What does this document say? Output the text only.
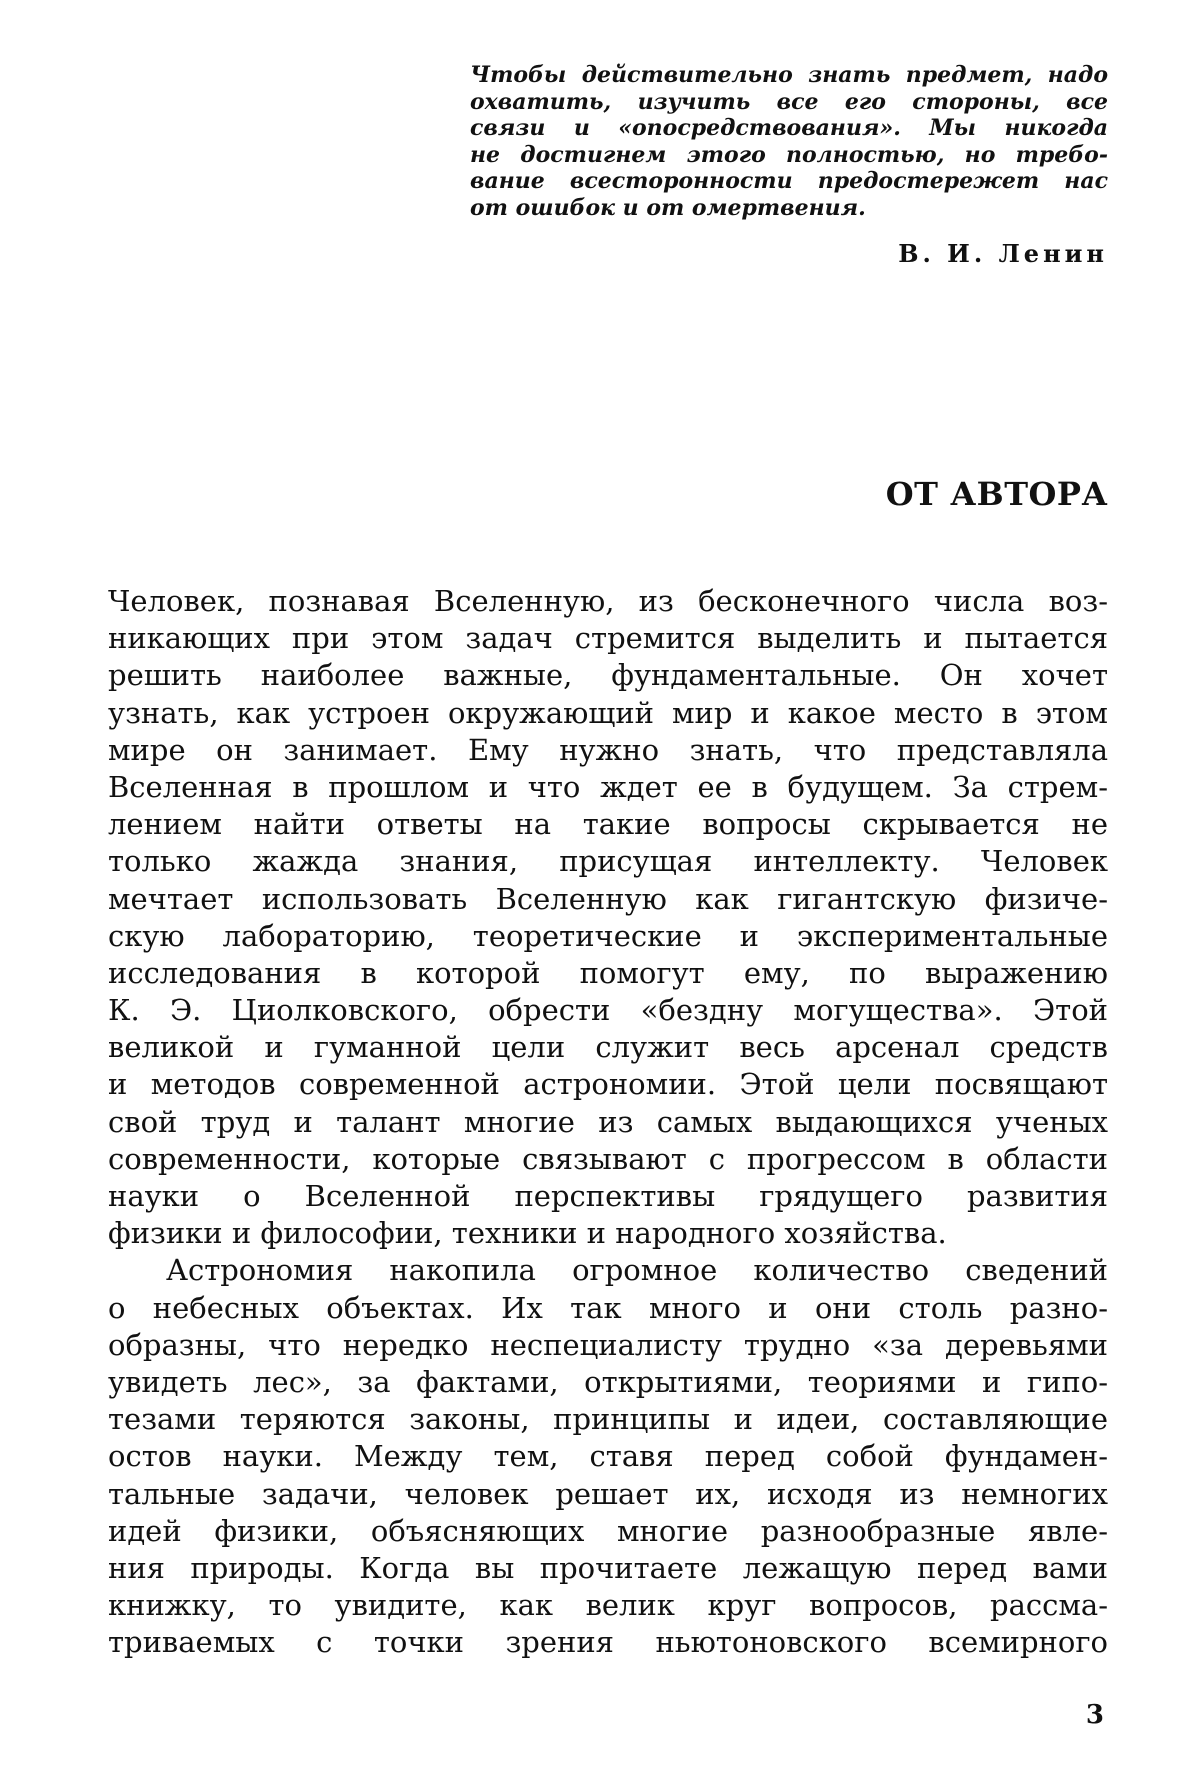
Чтобы действительно знать предмет, надо
охватить, изучить все его стороны, все
связи и «опосредствования». Мы никогда
не достигнем этого полностью, но требо-
вание всесторонности предостережет нас
от ошибок и от омертвения.
В. И. Ленин
ОТ АВТОРА
Человек, познавая Вселенную, из бесконечного числа воз-
никающих при этом задач стремится выделить и пытается
решить наиболее важные, фундаментальные. Он хочет
узнать, как устроен окружающий мир и какое место в этом
мире он занимает. Ему нужно знать, что представляла
Вселенная в прошлом и что ждет ее в будущем. За стрем-
лением найти ответы на такие вопросы скрывается не
только жажда знания, присущая интеллекту. Человек
мечтает использовать Вселенную как гигантскую физиче-
скую лабораторию, теоретические и экспериментальные
исследования в которой помогут ему, по выражению
К. Э. Циолковского, обрести «бездну могущества». Этой
великой и гуманной цели служит весь арсенал средств
и методов современной астрономии. Этой цели посвящают
свой труд и талант многие из самых выдающихся ученых
современности, которые связывают с прогрессом в области
науки о Вселенной перспективы грядущего развития
физики и философии, техники и народного хозяйства.
Астрономия накопила огромное количество сведений
о небесных объектах. Их так много и они столь разно-
образны, что нередко неспециалисту трудно «за деревьями
увидеть лес», за фактами, открытиями, теориями и гипо-
тезами теряются законы, принципы и идеи, составляющие
остов науки. Между тем, ставя перед собой фундамен-
тальные задачи, человек решает их, исходя из немногих
идей физики, объясняющих многие разнообразные явле-
ния природы. Когда вы прочитаете лежащую перед вами
книжку, то увидите, как велик круг вопросов, рассма-
триваемых с точки зрения ньютоновского всемирного
3
